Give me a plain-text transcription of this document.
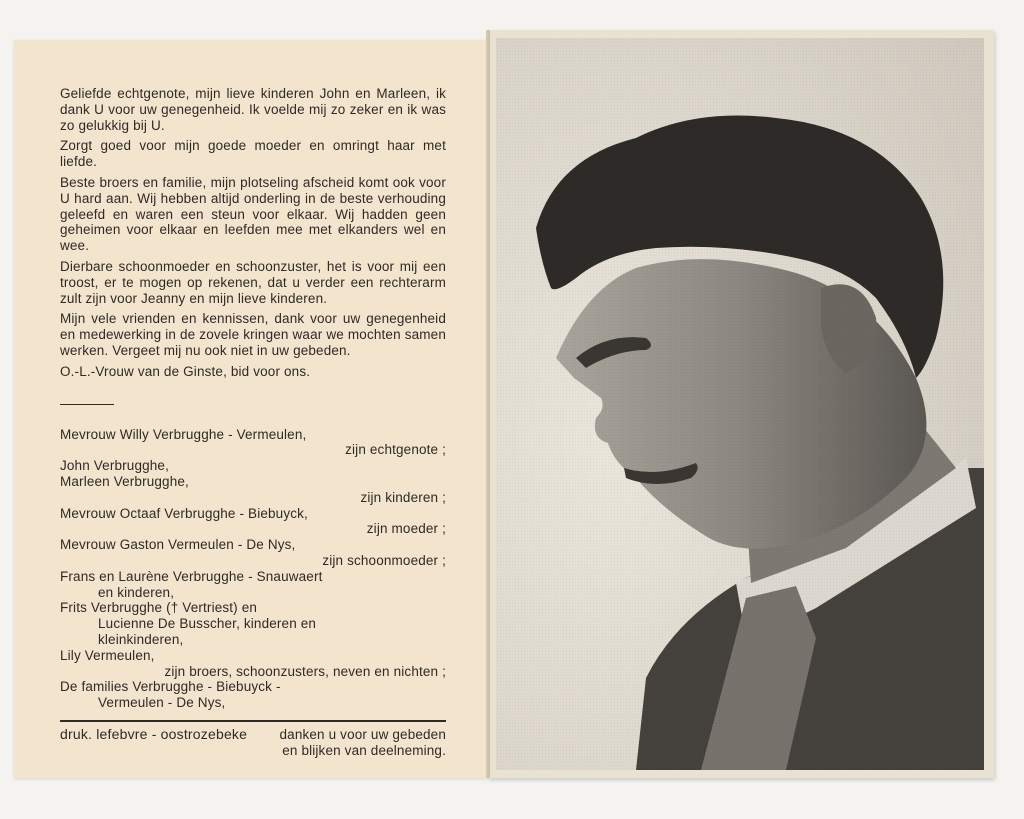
Geliefde echtgenote, mijn lieve kinderen John en Marleen, ik dank U voor uw genegenheid. Ik voelde mij zo zeker en ik was zo gelukkig bij U.

Zorgt goed voor mijn goede moeder en omringt haar met liefde.

Beste broers en familie, mijn plotseling afscheid komt ook voor U hard aan. Wij hebben altijd onderling in de beste verhouding geleefd en waren een steun voor elkaar. Wij hadden geen geheimen voor elkaar en leefden mee met elkanders wel en wee.

Dierbare schoonmoeder en schoonzuster, het is voor mij een troost, er te mogen op rekenen, dat u verder een rechterarm zult zijn voor Jeanny en mijn lieve kinderen.

Mijn vele vrienden en kennissen, dank voor uw genegenheid en medewerking in de zovele kringen waar we mochten samen werken. Vergeet mij nu ook niet in uw gebeden.

O.-L.-Vrouw van de Ginste, bid voor ons.

Mevrouw Willy Verbrugghe - Vermeulen,
zijn echtgenote ;
John Verbrugghe,
Marleen Verbrugghe,
zijn kinderen ;
Mevrouw Octaaf Verbrugghe - Biebuyck,
zijn moeder ;
Mevrouw Gaston Vermeulen - De Nys,
zijn schoonmoeder ;
Frans en Laurène Verbrugghe - Snauwaert
en kinderen,
Frits Verbrugghe († Vertriest) en
Lucienne De Busscher, kinderen en
kleinkinderen,
Lily Vermeulen,
zijn broers, schoonzusters, neven en nichten ;
De families Verbrugghe - Biebuyck -
Vermeulen - De Nys,
danken u voor uw gebeden
en blijken van deelneming.
druk. lefebvre - oostrozebeke
